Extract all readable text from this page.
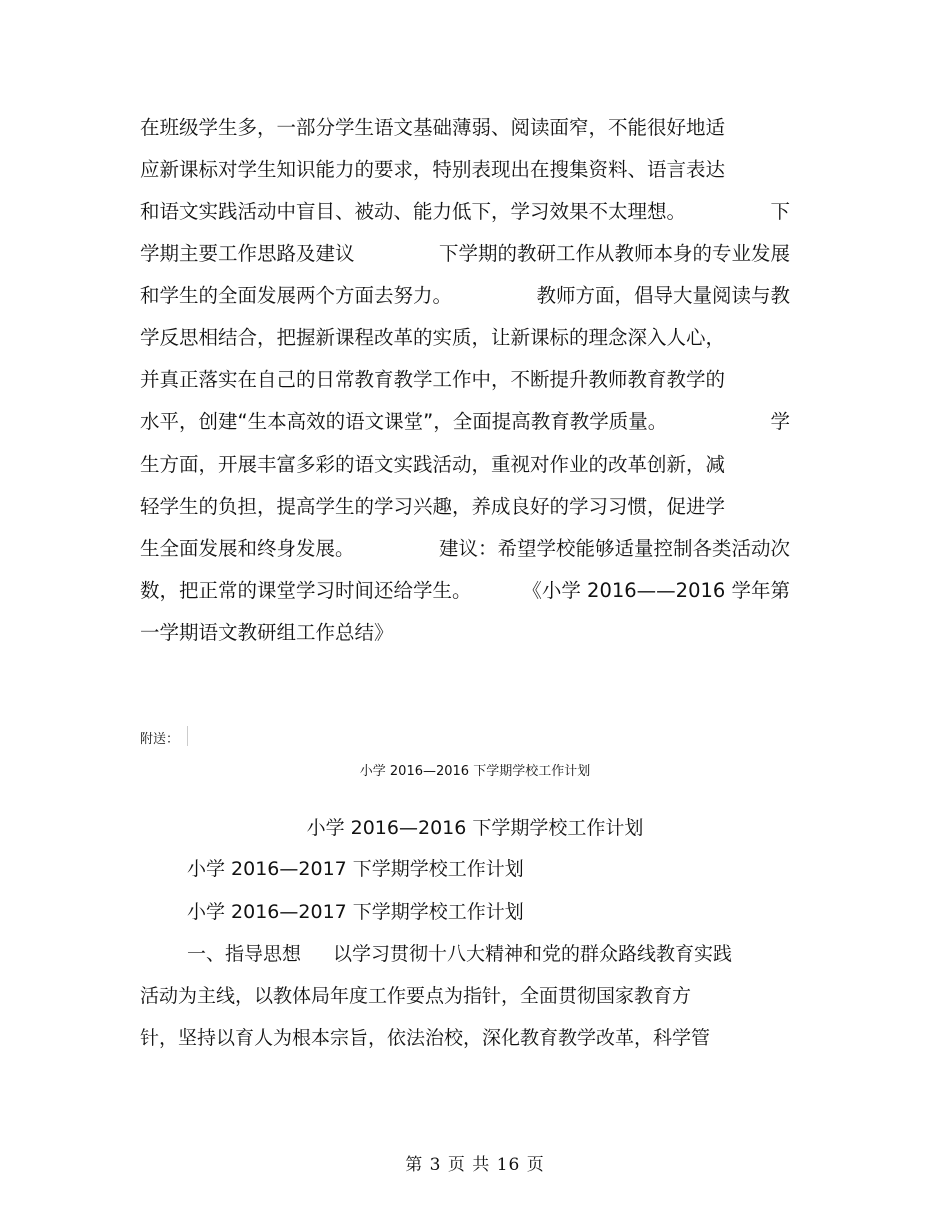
在班级学生多，一部分学生语文基础薄弱、阅读面窄，不能很好地适
应新课标对学生知识能力的要求，特别表现出在搜集资料、语言表达
和语文实践活动中盲目、被动、能力低下，学习效果不太理想。	下
学期主要工作思路及建议	下学期的教研工作从教师本身的专业发展
和学生的全面发展两个方面去努力。	教师方面，倡导大量阅读与教
学反思相结合，把握新课程改革的实质，让新课标的理念深入人心，
并真正落实在自己的日常教育教学工作中，不断提升教师教育教学的
水平，创建“生本高效的语文课堂”，全面提高教育教学质量。	学
生方面，开展丰富多彩的语文实践活动，重视对作业的改革创新，减
轻学生的负担，提高学生的学习兴趣，养成良好的学习习惯，促进学
生全面发展和终身发展。	建议：希望学校能够适量控制各类活动次
数，把正常的课堂学习时间还给学生。	《小学 2016——2016 学年第
一学期语文教研组工作总结》
附送：
小学 2016—2016 下学期学校工作计划
小学 2016—2016 下学期学校工作计划
小学 2016—2017 下学期学校工作计划
小学 2016—2017 下学期学校工作计划
一、指导思想 以学习贯彻十八大精神和党的群众路线教育实践
活动为主线，以教体局年度工作要点为指针，全面贯彻国家教育方
针，坚持以育人为根本宗旨，依法治校，深化教育教学改革，科学管
第 3 页 共 16 页
